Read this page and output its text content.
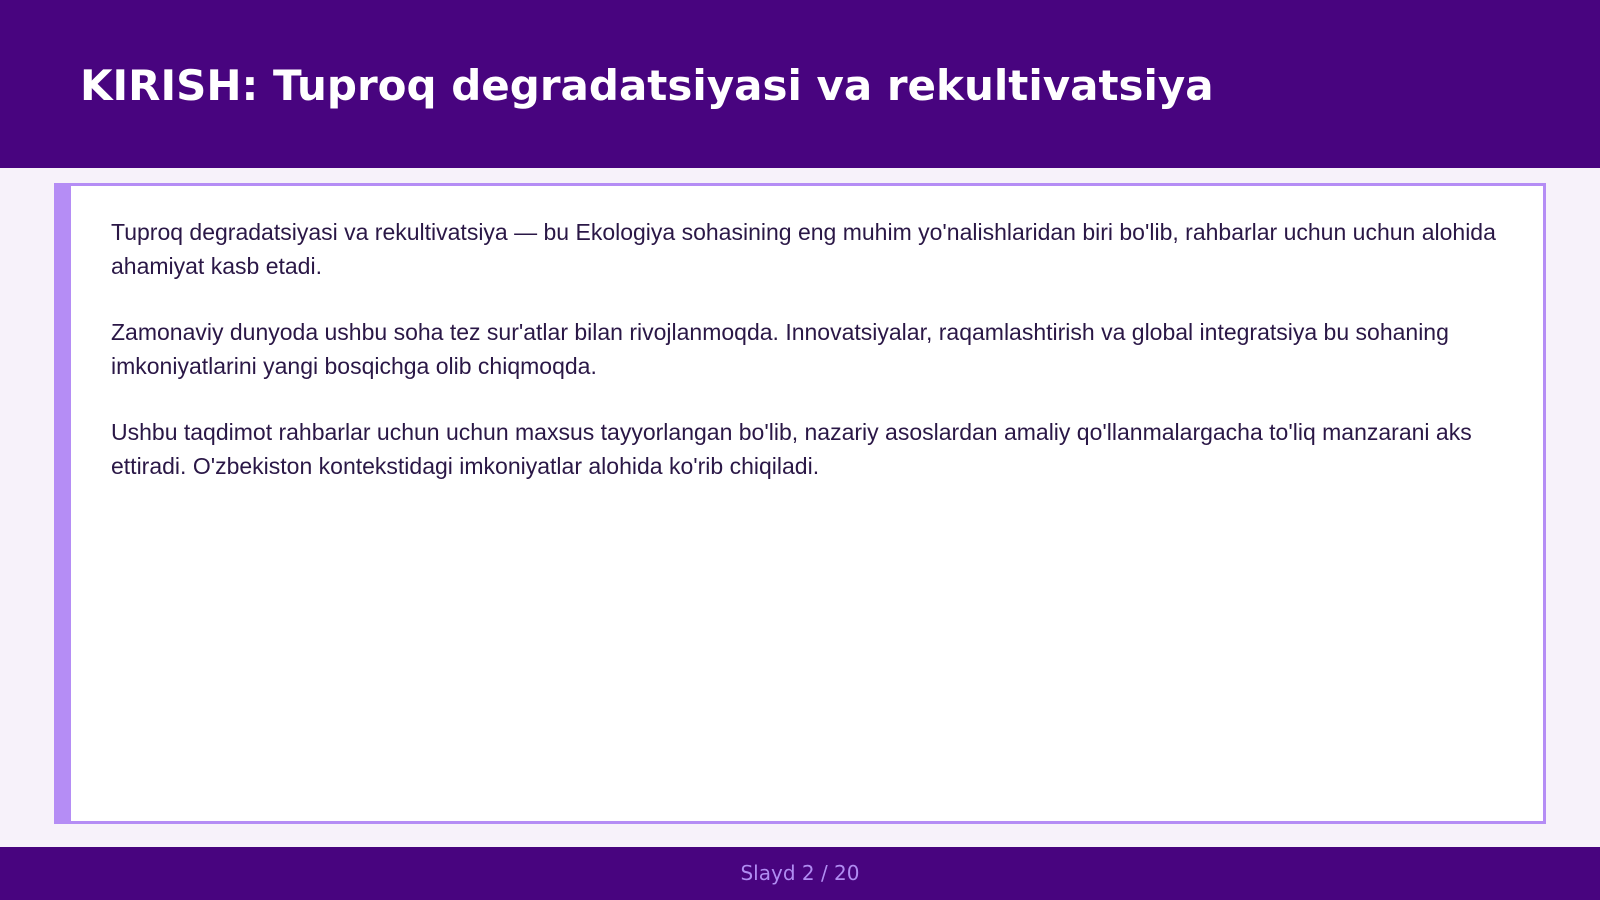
KIRISH: Tuproq degradatsiyasi va rekultivatsiya

Tuproq degradatsiyasi va rekultivatsiya — bu Ekologiya sohasining eng muhim yo'nalishlaridan biri bo'lib, rahbarlar uchun uchun alohida ahamiyat kasb etadi.

Zamonaviy dunyoda ushbu soha tez sur'atlar bilan rivojlanmoqda. Innovatsiyalar, raqamlashtirish va global integratsiya bu sohaning imkoniyatlarini yangi bosqichga olib chiqmoqda.

Ushbu taqdimot rahbarlar uchun uchun maxsus tayyorlangan bo'lib, nazariy asoslardan amaliy qo'llanmalargacha to'liq manzarani aks ettiradi. O'zbekiston kontekstidagi imkoniyatlar alohida ko'rib chiqiladi.

Slayd 2 / 20
